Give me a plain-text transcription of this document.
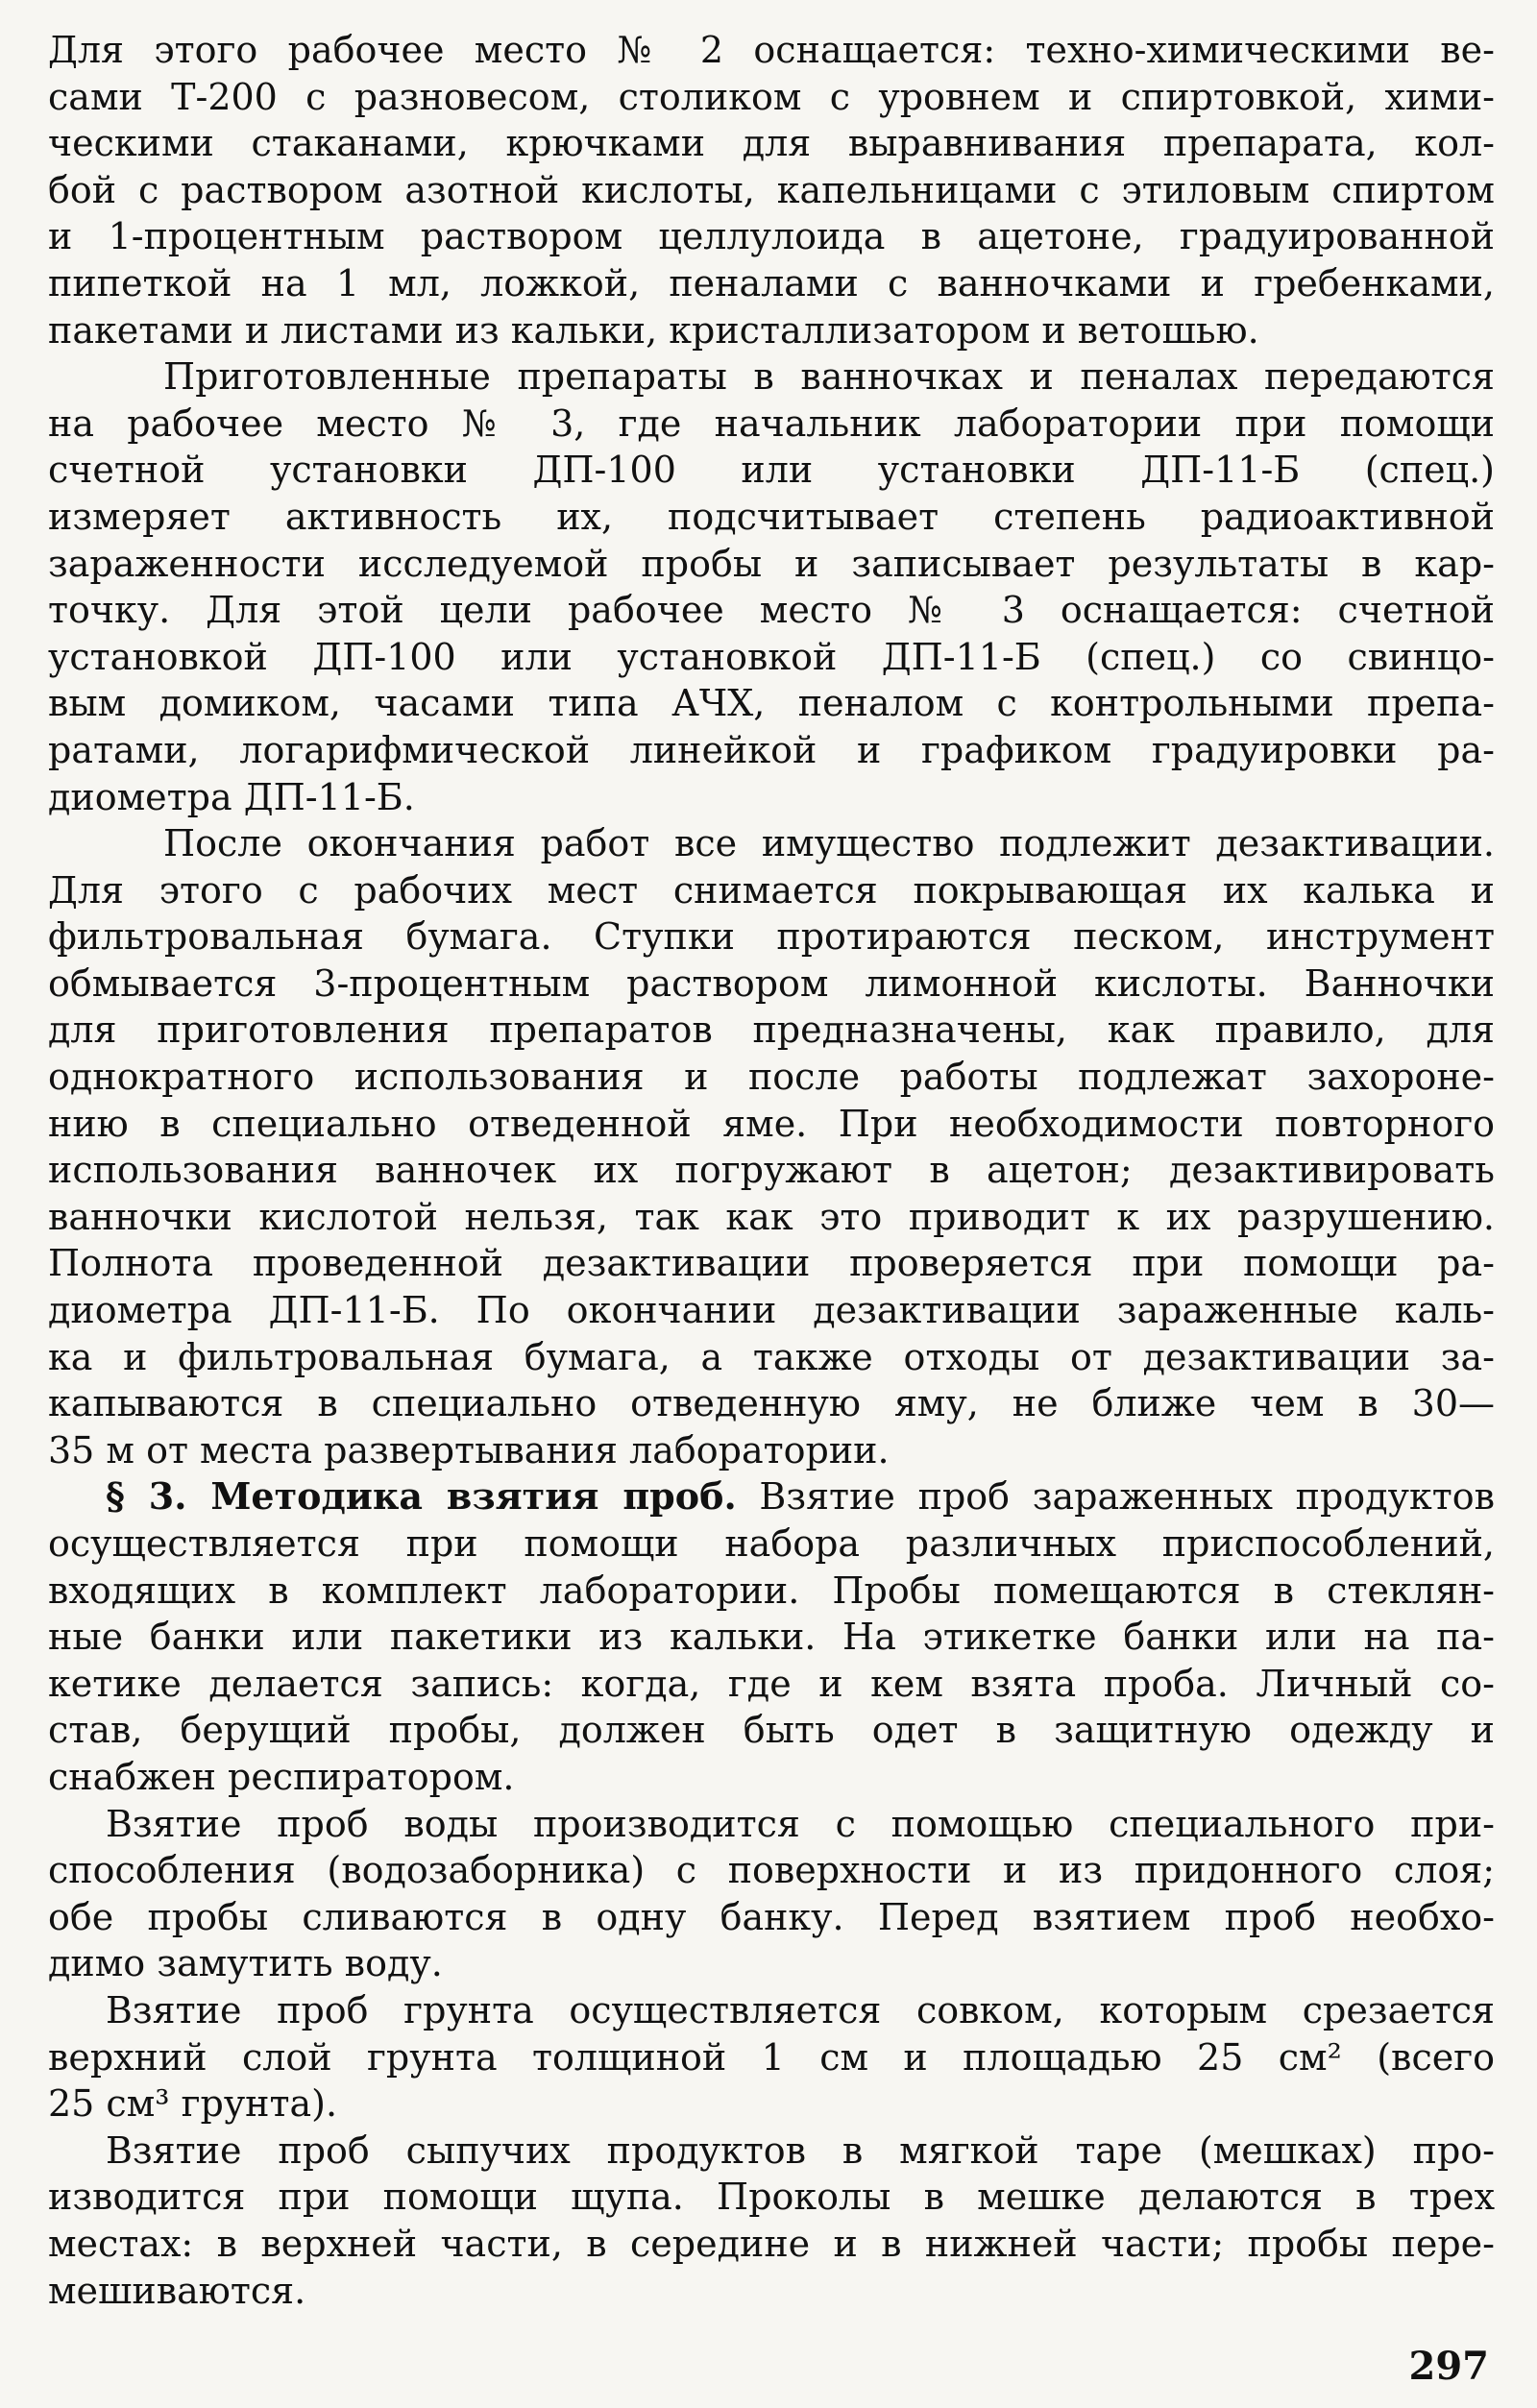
Для этого рабочее место № 2 оснащается: техно-химическими ве-
сами Т-200 с разновесом, столиком с уровнем и спиртовкой, хими-
ческими стаканами, крючками для выравнивания препарата, кол-
бой с раствором азотной кислоты, капельницами с этиловым спиртом
и 1-процентным раствором целлулоида в ацетоне, градуированной
пипеткой на 1 мл, ложкой, пеналами с ванночками и гребенками,
пакетами и листами из кальки, кристаллизатором и ветошью.

Приготовленные препараты в ванночках и пеналах передаются
на рабочее место № 3, где начальник лаборатории при помощи
счетной установки ДП-100 или установки ДП-11-Б (спец.)
измеряет активность их, подсчитывает степень радиоактивной
зараженности исследуемой пробы и записывает результаты в кар-
точку. Для этой цели рабочее место № 3 оснащается: счетной
установкой ДП-100 или установкой ДП-11-Б (спец.) со свинцо-
вым домиком, часами типа АЧХ, пеналом с контрольными препа-
ратами, логарифмической линейкой и графиком градуировки ра-
диометра ДП-11-Б.

После окончания работ все имущество подлежит дезактивации.
Для этого с рабочих мест снимается покрывающая их калька и
фильтровальная бумага. Ступки протираются песком, инструмент
обмывается 3-процентным раствором лимонной кислоты. Ванночки
для приготовления препаратов предназначены, как правило, для
однократного использования и после работы подлежат захороне-
нию в специально отведенной яме. При необходимости повторного
использования ванночек их погружают в ацетон; дезактивировать
ванночки кислотой нельзя, так как это приводит к их разрушению.
Полнота проведенной дезактивации проверяется при помощи ра-
диометра ДП-11-Б. По окончании дезактивации зараженные каль-
ка и фильтровальная бумага, а также отходы от дезактивации за-
капываются в специально отведенную яму, не ближе чем в 30—
35 м от места развертывания лаборатории.

§ 3. Методика взятия проб. Взятие проб зараженных продуктов
осуществляется при помощи набора различных приспособлений,
входящих в комплект лаборатории. Пробы помещаются в стеклян-
ные банки или пакетики из кальки. На этикетке банки или на па-
кетике делается запись: когда, где и кем взята проба. Личный со-
став, берущий пробы, должен быть одет в защитную одежду и
снабжен респиратором.

Взятие проб воды производится с помощью специального при-
способления (водозаборника) с поверхности и из придонного слоя;
обе пробы сливаются в одну банку. Перед взятием проб необхо-
димо замутить воду.

Взятие проб грунта осуществляется совком, которым срезается
верхний слой грунта толщиной 1 см и площадью 25 см² (всего
25 см³ грунта).

Взятие проб сыпучих продуктов в мягкой таре (мешках) про-
изводится при помощи щупа. Проколы в мешке делаются в трех
местах: в верхней части, в середине и в нижней части; пробы пере-
мешиваются.

297
